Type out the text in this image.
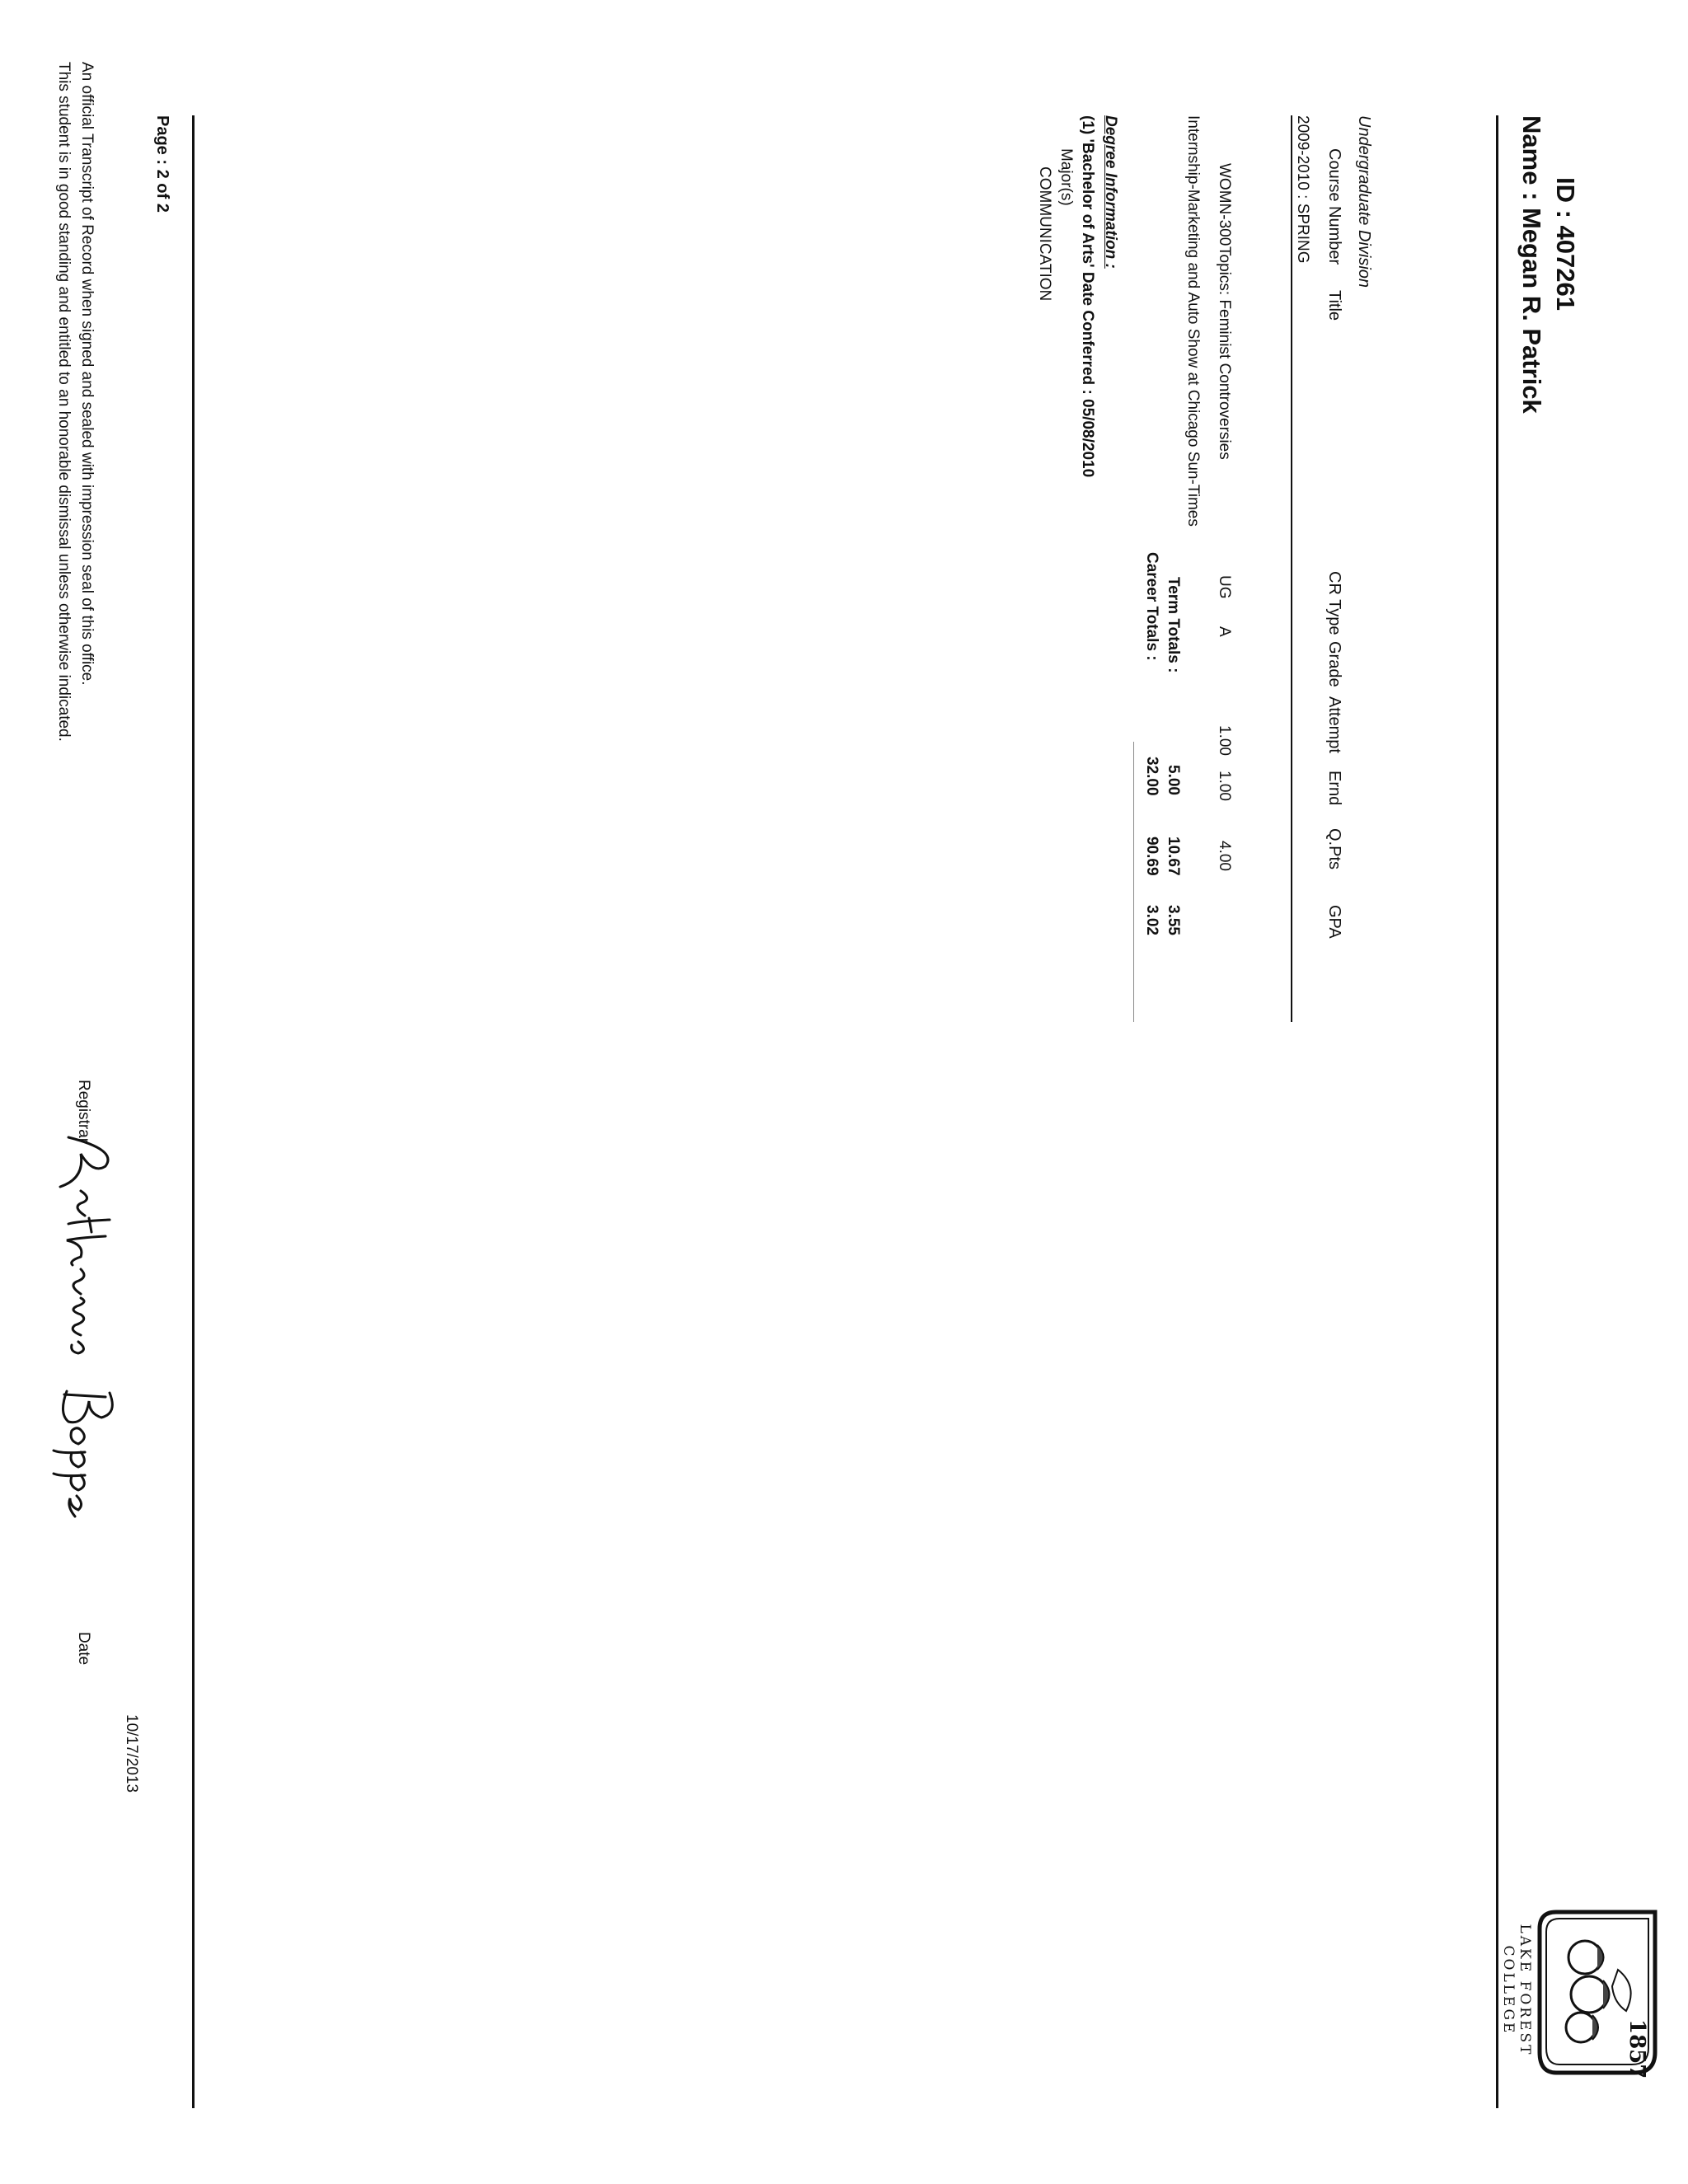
ID : 407261
Name : Megan R. Patrick
1857
LAKE FOREST
COLLEGE
Undergraduate Division
Course Number
Title
CR Type
Grade
Attempt
Ernd
Q.Pts
GPA
2009-2010 : SPRING
WOMN-300
Topics: Feminist Controversies
UG
A
1.00
1.00
4.00
Internship-Marketing and Auto Show at Chicago Sun-Times
Term Totals :
5.00
10.67
3.55
Career Totals :
32.00
90.69
3.02
Degree Information :
(1) 'Bachelor of Arts' Date Conferred : 05/08/2010
Major(s)
COMMUNICATION
Page : 2 of 2
Registrar
Date
10/17/2013
An official Transcript of Record when signed and sealed with impression seal of this office.
This student is in good standing and entitled to an honorable dismissal unless otherwise indicated.
